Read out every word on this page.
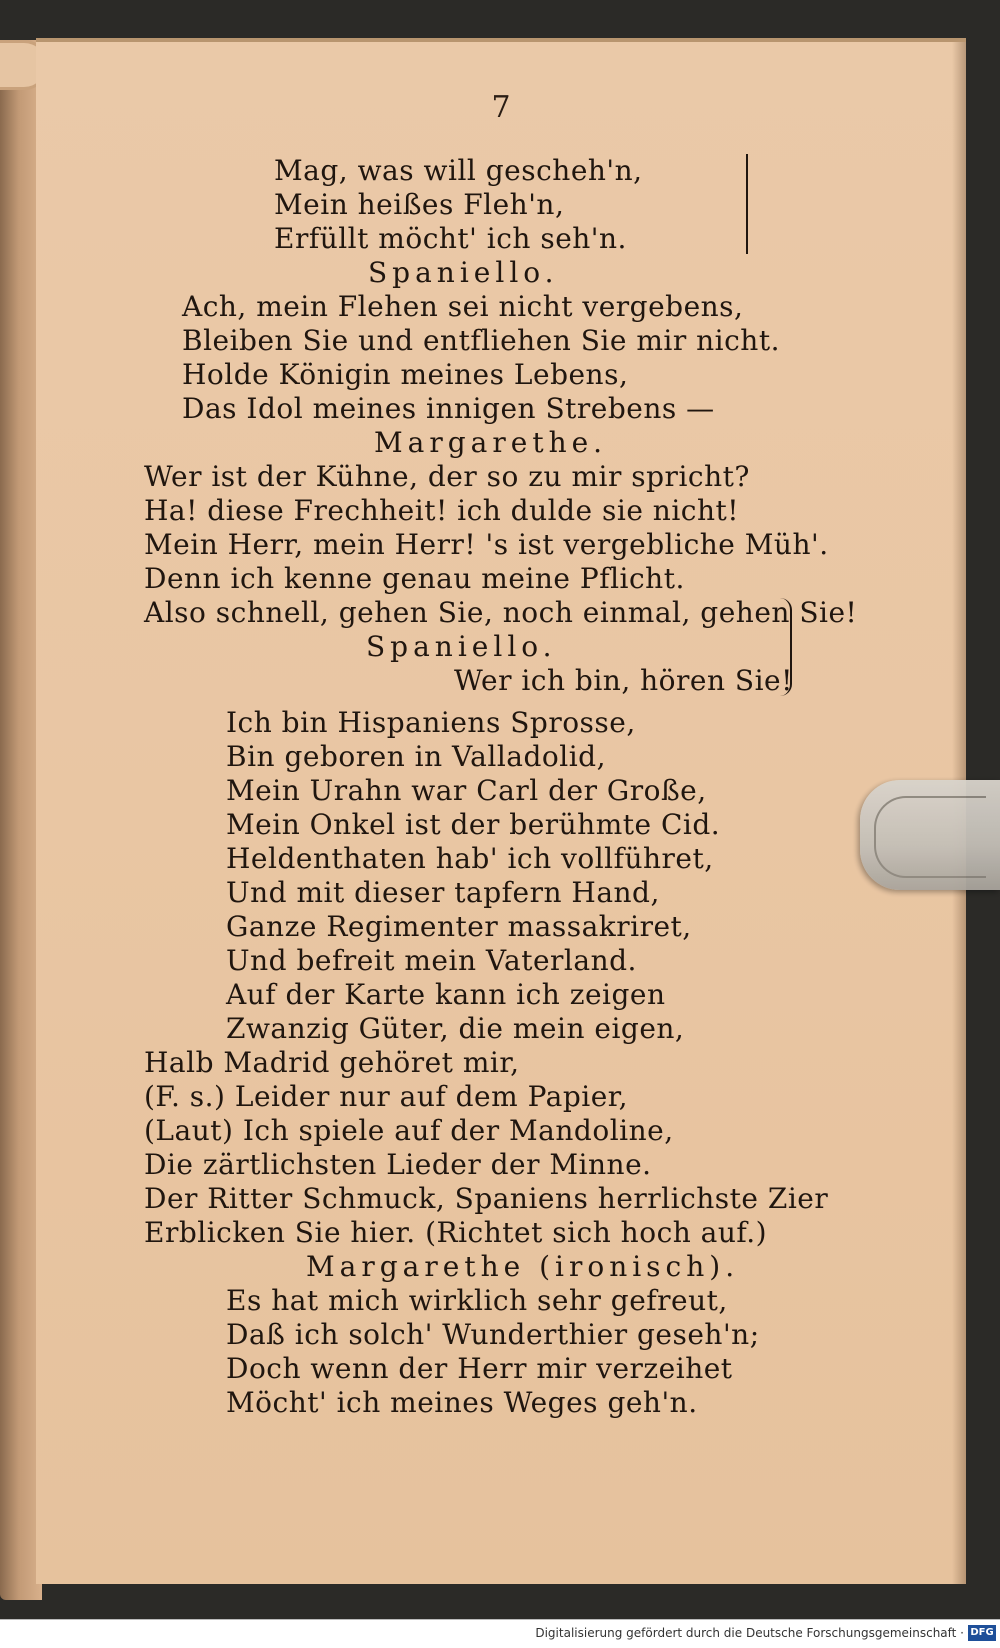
7
Mag, was will gescheh'n,
Mein heißes Fleh'n,
Erfüllt möcht' ich seh'n.
Spaniello.
Ach, mein Flehen sei nicht vergebens,
Bleiben Sie und entfliehen Sie mir nicht.
Holde Königin meines Lebens,
Das Idol meines innigen Strebens —
Margarethe.
Wer ist der Kühne, der so zu mir spricht?
Ha! diese Frechheit! ich dulde sie nicht!
Mein Herr, mein Herr! 's ist vergebliche Müh'.
Denn ich kenne genau meine Pflicht.
Also schnell, gehen Sie, noch einmal, gehen Sie!
Spaniello.
Wer ich bin, hören Sie!
Ich bin Hispaniens Sprosse,
Bin geboren in Valladolid,
Mein Urahn war Carl der Große,
Mein Onkel ist der berühmte Cid.
Heldenthaten hab' ich vollführet,
Und mit dieser tapfern Hand,
Ganze Regimenter massakriret,
Und befreit mein Vaterland.
Auf der Karte kann ich zeigen
Zwanzig Güter, die mein eigen,
Halb Madrid gehöret mir,
(F. s.) Leider nur auf dem Papier,
(Laut) Ich spiele auf der Mandoline,
Die zärtlichsten Lieder der Minne.
Der Ritter Schmuck, Spaniens herrlichste Zier
Erblicken Sie hier. (Richtet sich hoch auf.)
Margarethe (ironisch).
Es hat mich wirklich sehr gefreut,
Daß ich solch' Wunderthier geseh'n;
Doch wenn der Herr mir verzeihet
Möcht' ich meines Weges geh'n.
Digitalisierung gefördert durch die Deutsche Forschungsgemeinschaft · DFG
